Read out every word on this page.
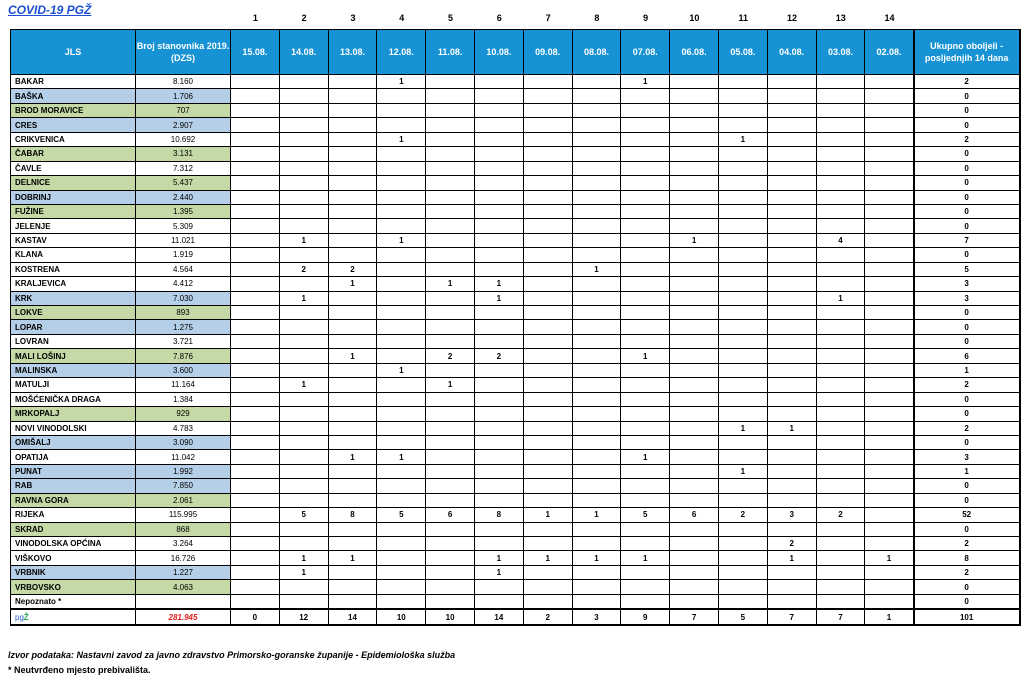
COVID-19 PGŽ
1	2	3	4	5	6	7	8	9	10	11	12	13	14
JLS	Broj stanovnika 2019. (DZS)	15.08.	14.08.	13.08.	12.08.	11.08.	10.08.	09.08.	08.08.	07.08.	06.08.	05.08.	04.08.	03.08.	02.08.	Ukupno oboljeli - posljednjih 14 dana
BAKAR	8.160				1					1						2
BAŠKA	1.706															0
BROD MORAVICE	707															0
CRES	2.907															0
CRIKVENICA	10.692				1							1				2
ČABAR	3.131															0
ČAVLE	7.312															0
DELNICE	5.437															0
DOBRINJ	2.440															0
FUŽINE	1.395															0
JELENJE	5.309															0
KASTAV	11.021		1		1						1			4		7
KLANA	1.919															0
KOSTRENA	4.564		2	2					1							5
KRALJEVICA	4.412			1		1	1									3
KRK	7.030		1				1							1		3
LOKVE	893															0
LOPAR	1.275															0
LOVRAN	3.721															0
MALI LOŠINJ	7.876			1		2	2			1						6
MALINSKA	3.600				1											1
MATULJI	11.164		1			1										2
MOŠĆENIČKA DRAGA	1.384															0
MRKOPALJ	929															0
NOVI VINODOLSKI	4.783											1	1			2
OMIŠALJ	3.090															0
OPATIJA	11.042			1	1					1						3
PUNAT	1.992											1				1
RAB	7.850															0
RAVNA GORA	2.061															0
RIJEKA	115.995		5	8	5	6	8	1	1	5	6	2	3	2		52
SKRAD	868															0
VINODOLSKA OPĆINA	3.264												2			2
VIŠKOVO	16.726		1	1			1	1	1	1			1		1	8
VRBNIK	1.227		1				1									2
VRBOVSKO	4.063															0
Nepoznato *																0
pgŽ	281.945	0	12	14	10	10	14	2	3	9	7	5	7	7	1	101
Izvor podataka: Nastavni zavod za javno zdravstvo Primorsko-goranske županije - Epidemiološka služba
* Neutvrđeno mjesto prebivališta.
